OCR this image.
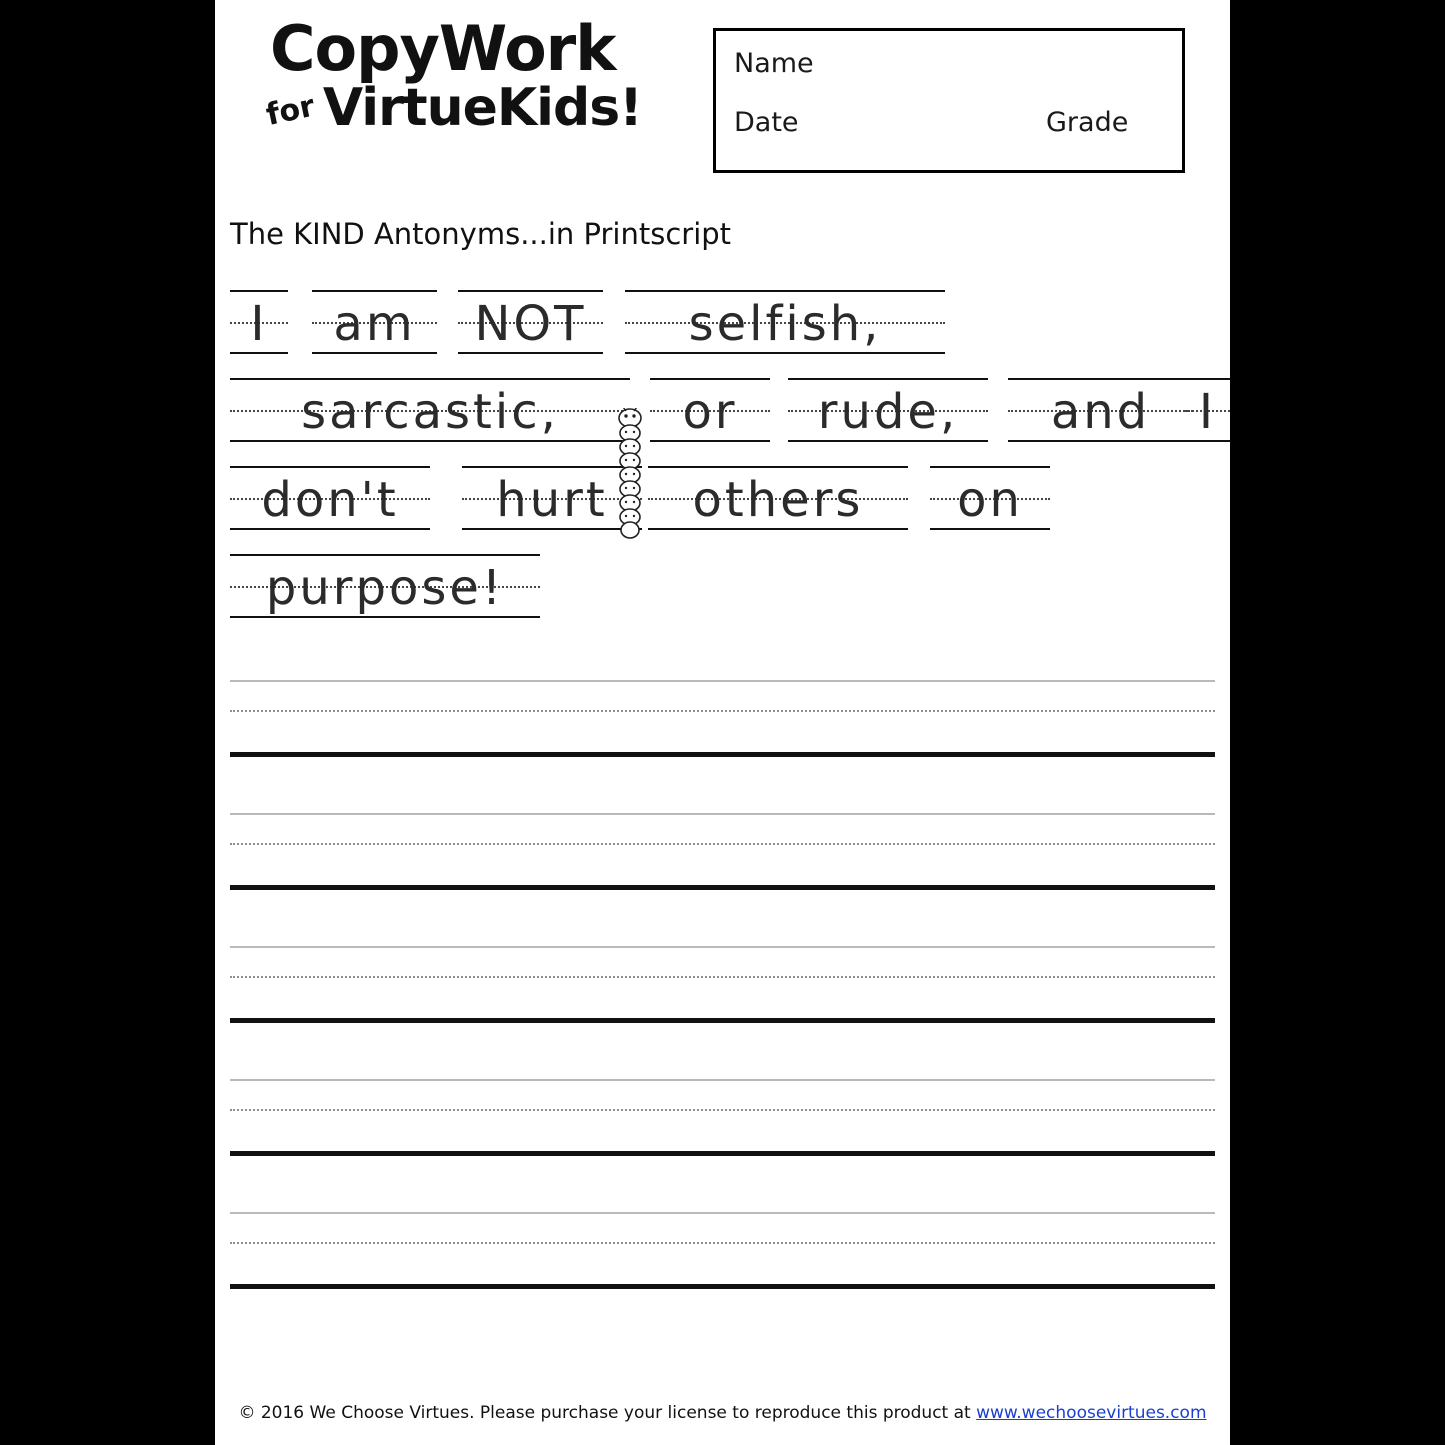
CopyWork
for VirtueKids!
Name
Date	Grade
The KIND Antonyms...in Printscript
I	am	NOT	selfish,
sarcastic,	or	rude,	and	I
don't	hurt	others	on
purpose!
© 2016 We Choose Virtues. Please purchase your license to reproduce this product at www.wechoosevirtues.com
